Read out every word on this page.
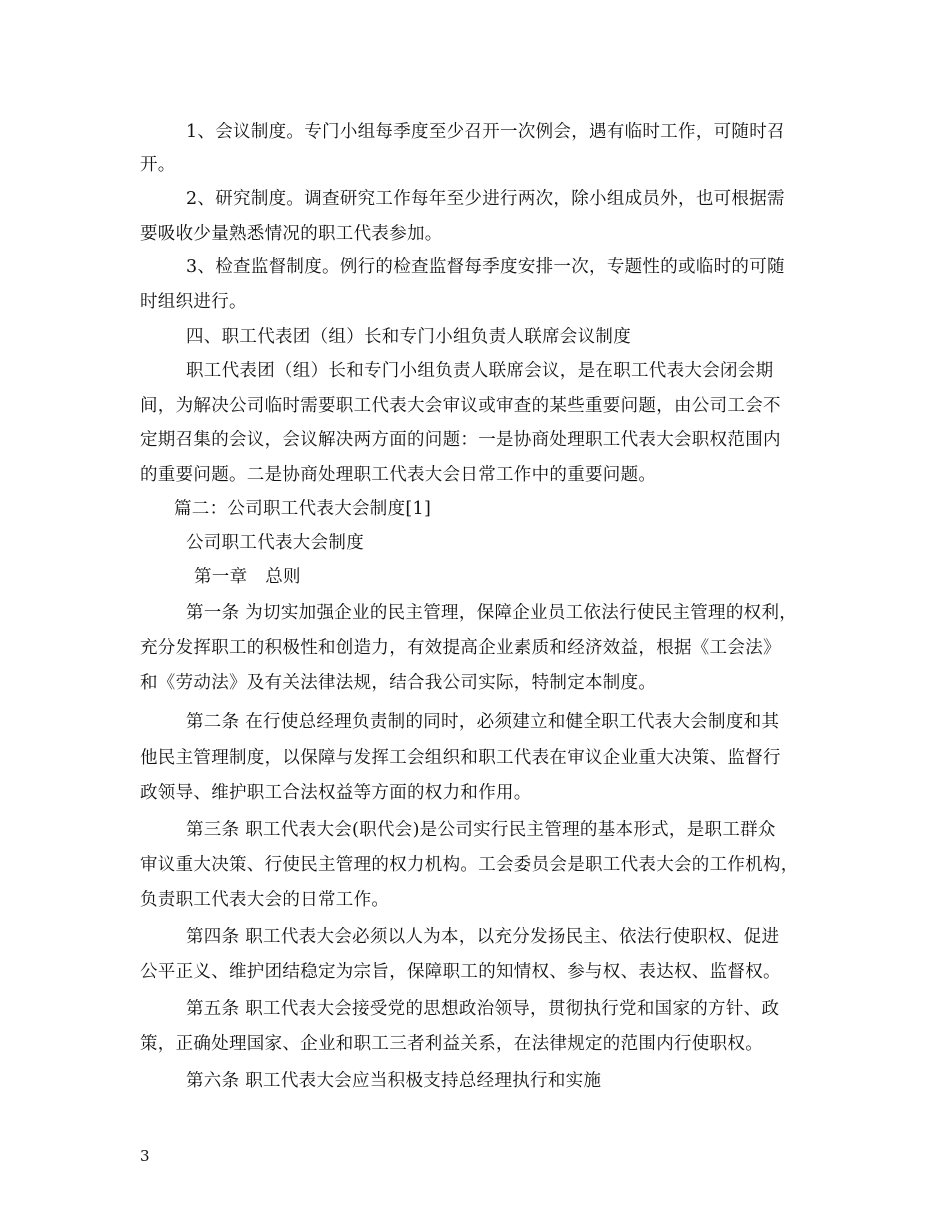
1、会议制度。专门小组每季度至少召开一次例会，遇有临时工作，可随时召
开。
2、研究制度。调查研究工作每年至少进行两次，除小组成员外，也可根据需
要吸收少量熟悉情况的职工代表参加。
3、检查监督制度。例行的检查监督每季度安排一次，专题性的或临时的可随
时组织进行。
四、职工代表团（组）长和专门小组负责人联席会议制度
职工代表团（组）长和专门小组负责人联席会议，是在职工代表大会闭会期
间，为解决公司临时需要职工代表大会审议或审查的某些重要问题，由公司工会不
定期召集的会议，会议解决两方面的问题：一是协商处理职工代表大会职权范围内
的重要问题。二是协商处理职工代表大会日常工作中的重要问题。
篇二：公司职工代表大会制度[1]
公司职工代表大会制度
第一章　总则
第一条 为切实加强企业的民主管理，保障企业员工依法行使民主管理的权利，
充分发挥职工的积极性和创造力，有效提高企业素质和经济效益，根据《工会法》
和《劳动法》及有关法律法规，结合我公司实际，特制定本制度。
第二条 在行使总经理负责制的同时，必须建立和健全职工代表大会制度和其
他民主管理制度，以保障与发挥工会组织和职工代表在审议企业重大决策、监督行
政领导、维护职工合法权益等方面的权力和作用。
第三条 职工代表大会(职代会)是公司实行民主管理的基本形式，是职工群众
审议重大决策、行使民主管理的权力机构。工会委员会是职工代表大会的工作机构，
负责职工代表大会的日常工作。
第四条 职工代表大会必须以人为本，以充分发扬民主、依法行使职权、促进
公平正义、维护团结稳定为宗旨，保障职工的知情权、参与权、表达权、监督权。
第五条 职工代表大会接受党的思想政治领导，贯彻执行党和国家的方针、政
策，正确处理国家、企业和职工三者利益关系，在法律规定的范围内行使职权。
第六条 职工代表大会应当积极支持总经理执行和实施
3
